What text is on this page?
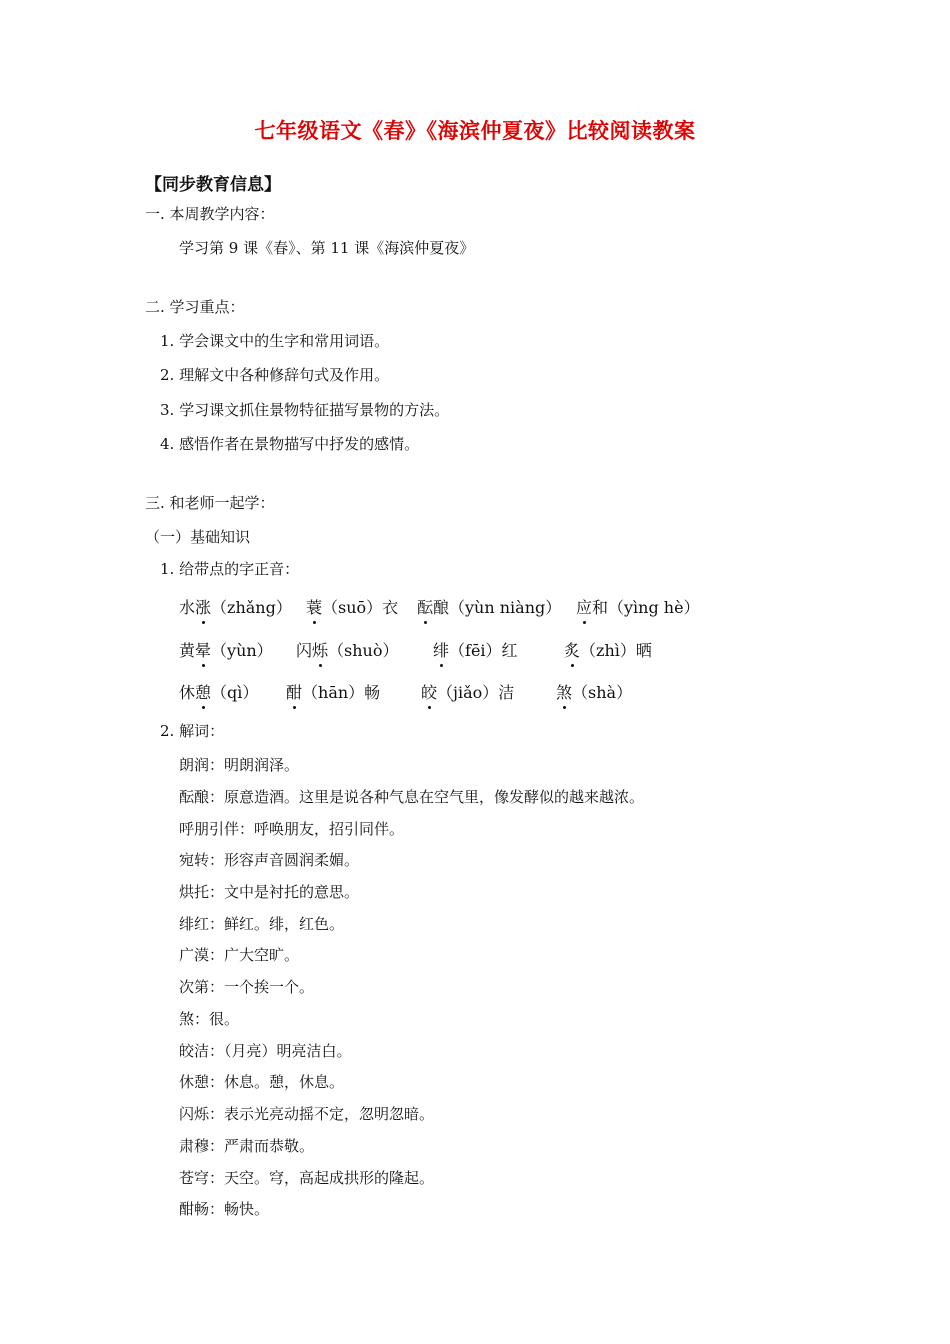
七年级语文《春》《海滨仲夏夜》比较阅读教案
【同步教育信息】
一. 本周教学内容：
学习第 9 课《春》、第 11 课《海滨仲夏夜》
二. 学习重点：
1. 学会课文中的生字和常用词语。
2. 理解文中各种修辞句式及作用。
3. 学习课文抓住景物特征描写景物的方法。
4. 感悟作者在景物描写中抒发的感情。
三. 和老师一起学：
（一）基础知识
1. 给带点的字正音：
水涨（zhǎng） 蓑（suō）衣 酝酿（yùn niàng） 应和（yìng hè）
黄晕（yùn） 闪烁（shuò） 绯（fēi）红	炙（zhì）晒
休憩（qì） 酣（hān）畅	皎（jiǎo）洁	煞（shà）
2. 解词：
朗润：明朗润泽。
酝酿：原意造酒。这里是说各种气息在空气里，像发酵似的越来越浓。
呼朋引伴：呼唤朋友，招引同伴。
宛转：形容声音圆润柔媚。
烘托：文中是衬托的意思。
绯红：鲜红。绯，红色。
广漠：广大空旷。
次第：一个挨一个。
煞：很。
皎洁：（月亮）明亮洁白。
休憩：休息。憩，休息。
闪烁：表示光亮动摇不定，忽明忽暗。
肃穆：严肃而恭敬。
苍穹：天空。穹，高起成拱形的隆起。
酣畅：畅快。
